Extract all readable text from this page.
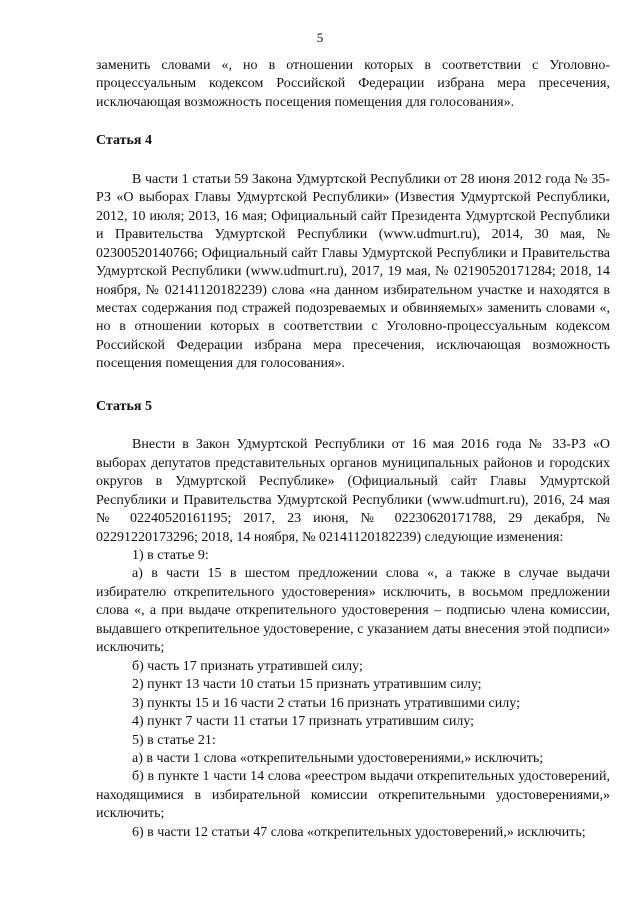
5

заменить словами «, но в отношении которых в соответствии с Уголовно-процессуальным кодексом Российской Федерации избрана мера пресечения, исключающая возможность посещения помещения для голосования».

Статья 4

В части 1 статьи 59 Закона Удмуртской Республики от 28 июня 2012 года № 35-РЗ «О выборах Главы Удмуртской Республики» (Известия Удмуртской Республики, 2012, 10 июля; 2013, 16 мая; Официальный сайт Президента Удмуртской Республики и Правительства Удмуртской Республики (www.udmurt.ru), 2014, 30 мая, № 02300520140766; Официальный сайт Главы Удмуртской Республики и Правительства Удмуртской Республики (www.udmurt.ru), 2017, 19 мая, № 02190520171284; 2018, 14 ноября, № 02141120182239) слова «на данном избирательном участке и находятся в местах содержания под стражей подозреваемых и обвиняемых» заменить словами «, но в отношении которых в соответствии с Уголовно-процессуальным кодексом Российской Федерации избрана мера пресечения, исключающая возможность посещения помещения для голосования».

Статья 5

Внести в Закон Удмуртской Республики от 16 мая 2016 года № 33-РЗ «О выборах депутатов представительных органов муниципальных районов и городских округов в Удмуртской Республике» (Официальный сайт Главы Удмуртской Республики и Правительства Удмуртской Республики (www.udmurt.ru), 2016, 24 мая № 02240520161195; 2017, 23 июня, № 02230620171788, 29 декабря, № 02291220173296; 2018, 14 ноября, № 02141120182239) следующие изменения:

1) в статье 9:

а) в части 15 в шестом предложении слова «, а также в случае выдачи избирателю открепительного удостоверения» исключить, в восьмом предложении слова «, а при выдаче открепительного удостоверения – подписью члена комиссии, выдавшего открепительное удостоверение, с указанием даты внесения этой подписи» исключить;

б) часть 17 признать утратившей силу;

2) пункт 13 части 10 статьи 15 признать утратившим силу;

3) пункты 15 и 16 части 2 статьи 16 признать утратившими силу;

4) пункт 7 части 11 статьи 17 признать утратившим силу;

5) в статье 21:

а) в части 1 слова «открепительными удостоверениями,» исключить;

б) в пункте 1 части 14 слова «реестром выдачи открепительных удостоверений, находящимися в избирательной комиссии открепительными удостоверениями,» исключить;

6) в части 12 статьи 47 слова «открепительных удостоверений,» исключить;
